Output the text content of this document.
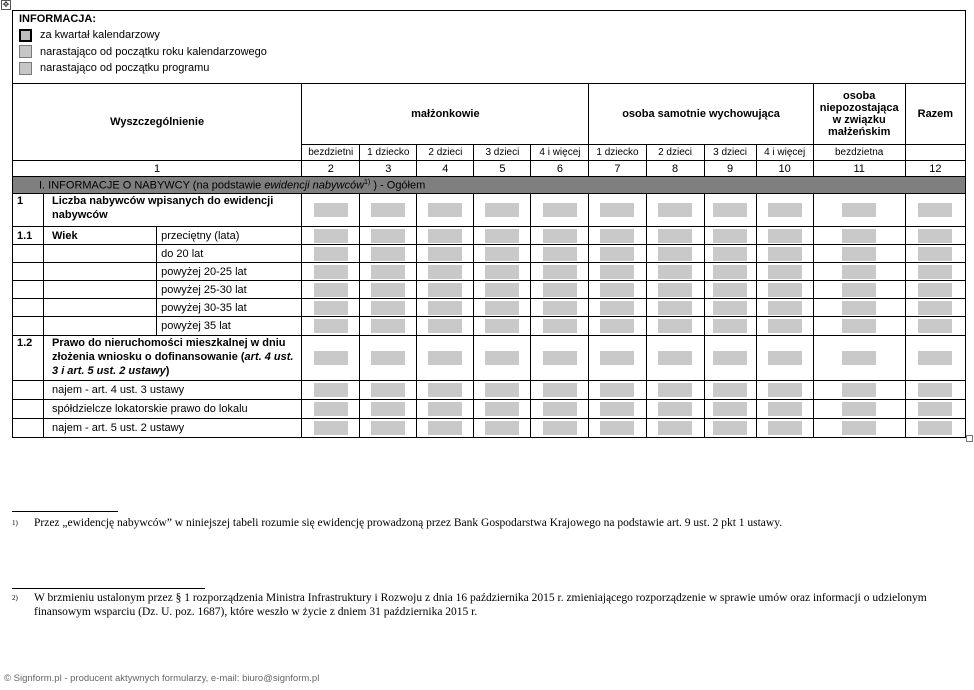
✥
INFORMACJA:
za kwartał kalendarzowy
narastająco od początku roku kalendarzowego
narastająco od początku programu													

Wyszczególnienie			małżonkowie					osoba samotnie wychowująca				osoba niepozostająca w związku małżeńskim	Razem
			bezdzietni	1 dziecko	2 dzieci	3 dzieci	4 i więcej	1 dziecko	2 dzieci	3 dzieci	4 i więcej	bezdzietna	
1			2	3	4	5	6	7	8	9	10	11	12
I. INFORMACJE O NABYWCY (na podstawie ewidencji nabywców$^{1)}$ ) - Ogółem													
1	Liczba nabywców wpisanych do ewidencji nabywców												
1.1	Wiek	przeciętny (lata)											
		do 20 lat											
		powyżej 20-25 lat											
		powyżej 25-30 lat											
		powyżej 30-35 lat											
		powyżej 35 lat											
1.2	Prawo do nieruchomości mieszkalnej w dniu złożenia wniosku o dofinansowanie (art. 4 ust. 3 i art. 5 ust. 2 ustawy)												
	najem - art. 4 ust. 3 ustawy												
	spółdzielcze lokatorskie prawo do lokalu												
	najem - art. 5 ust. 2 ustawy												
1)	Przez „ewidencję nabywców” w niniejszej tabeli rozumie się ewidencję prowadzoną przez Bank Gospodarstwa Krajowego na podstawie art. 9 ust. 2 pkt 1 ustawy.
2)	W brzmieniu ustalonym przez § 1 rozporządzenia Ministra Infrastruktury i Rozwoju z dnia 16 października 2015 r. zmieniającego rozporządzenie w sprawie umów oraz informacji o udzielonym finansowym wsparciu (Dz. U. poz. 1687), które weszło w życie z dniem 31 października 2015 r.
© Signform.pl - producent aktywnych formularzy, e-mail: biuro@signform.pl
